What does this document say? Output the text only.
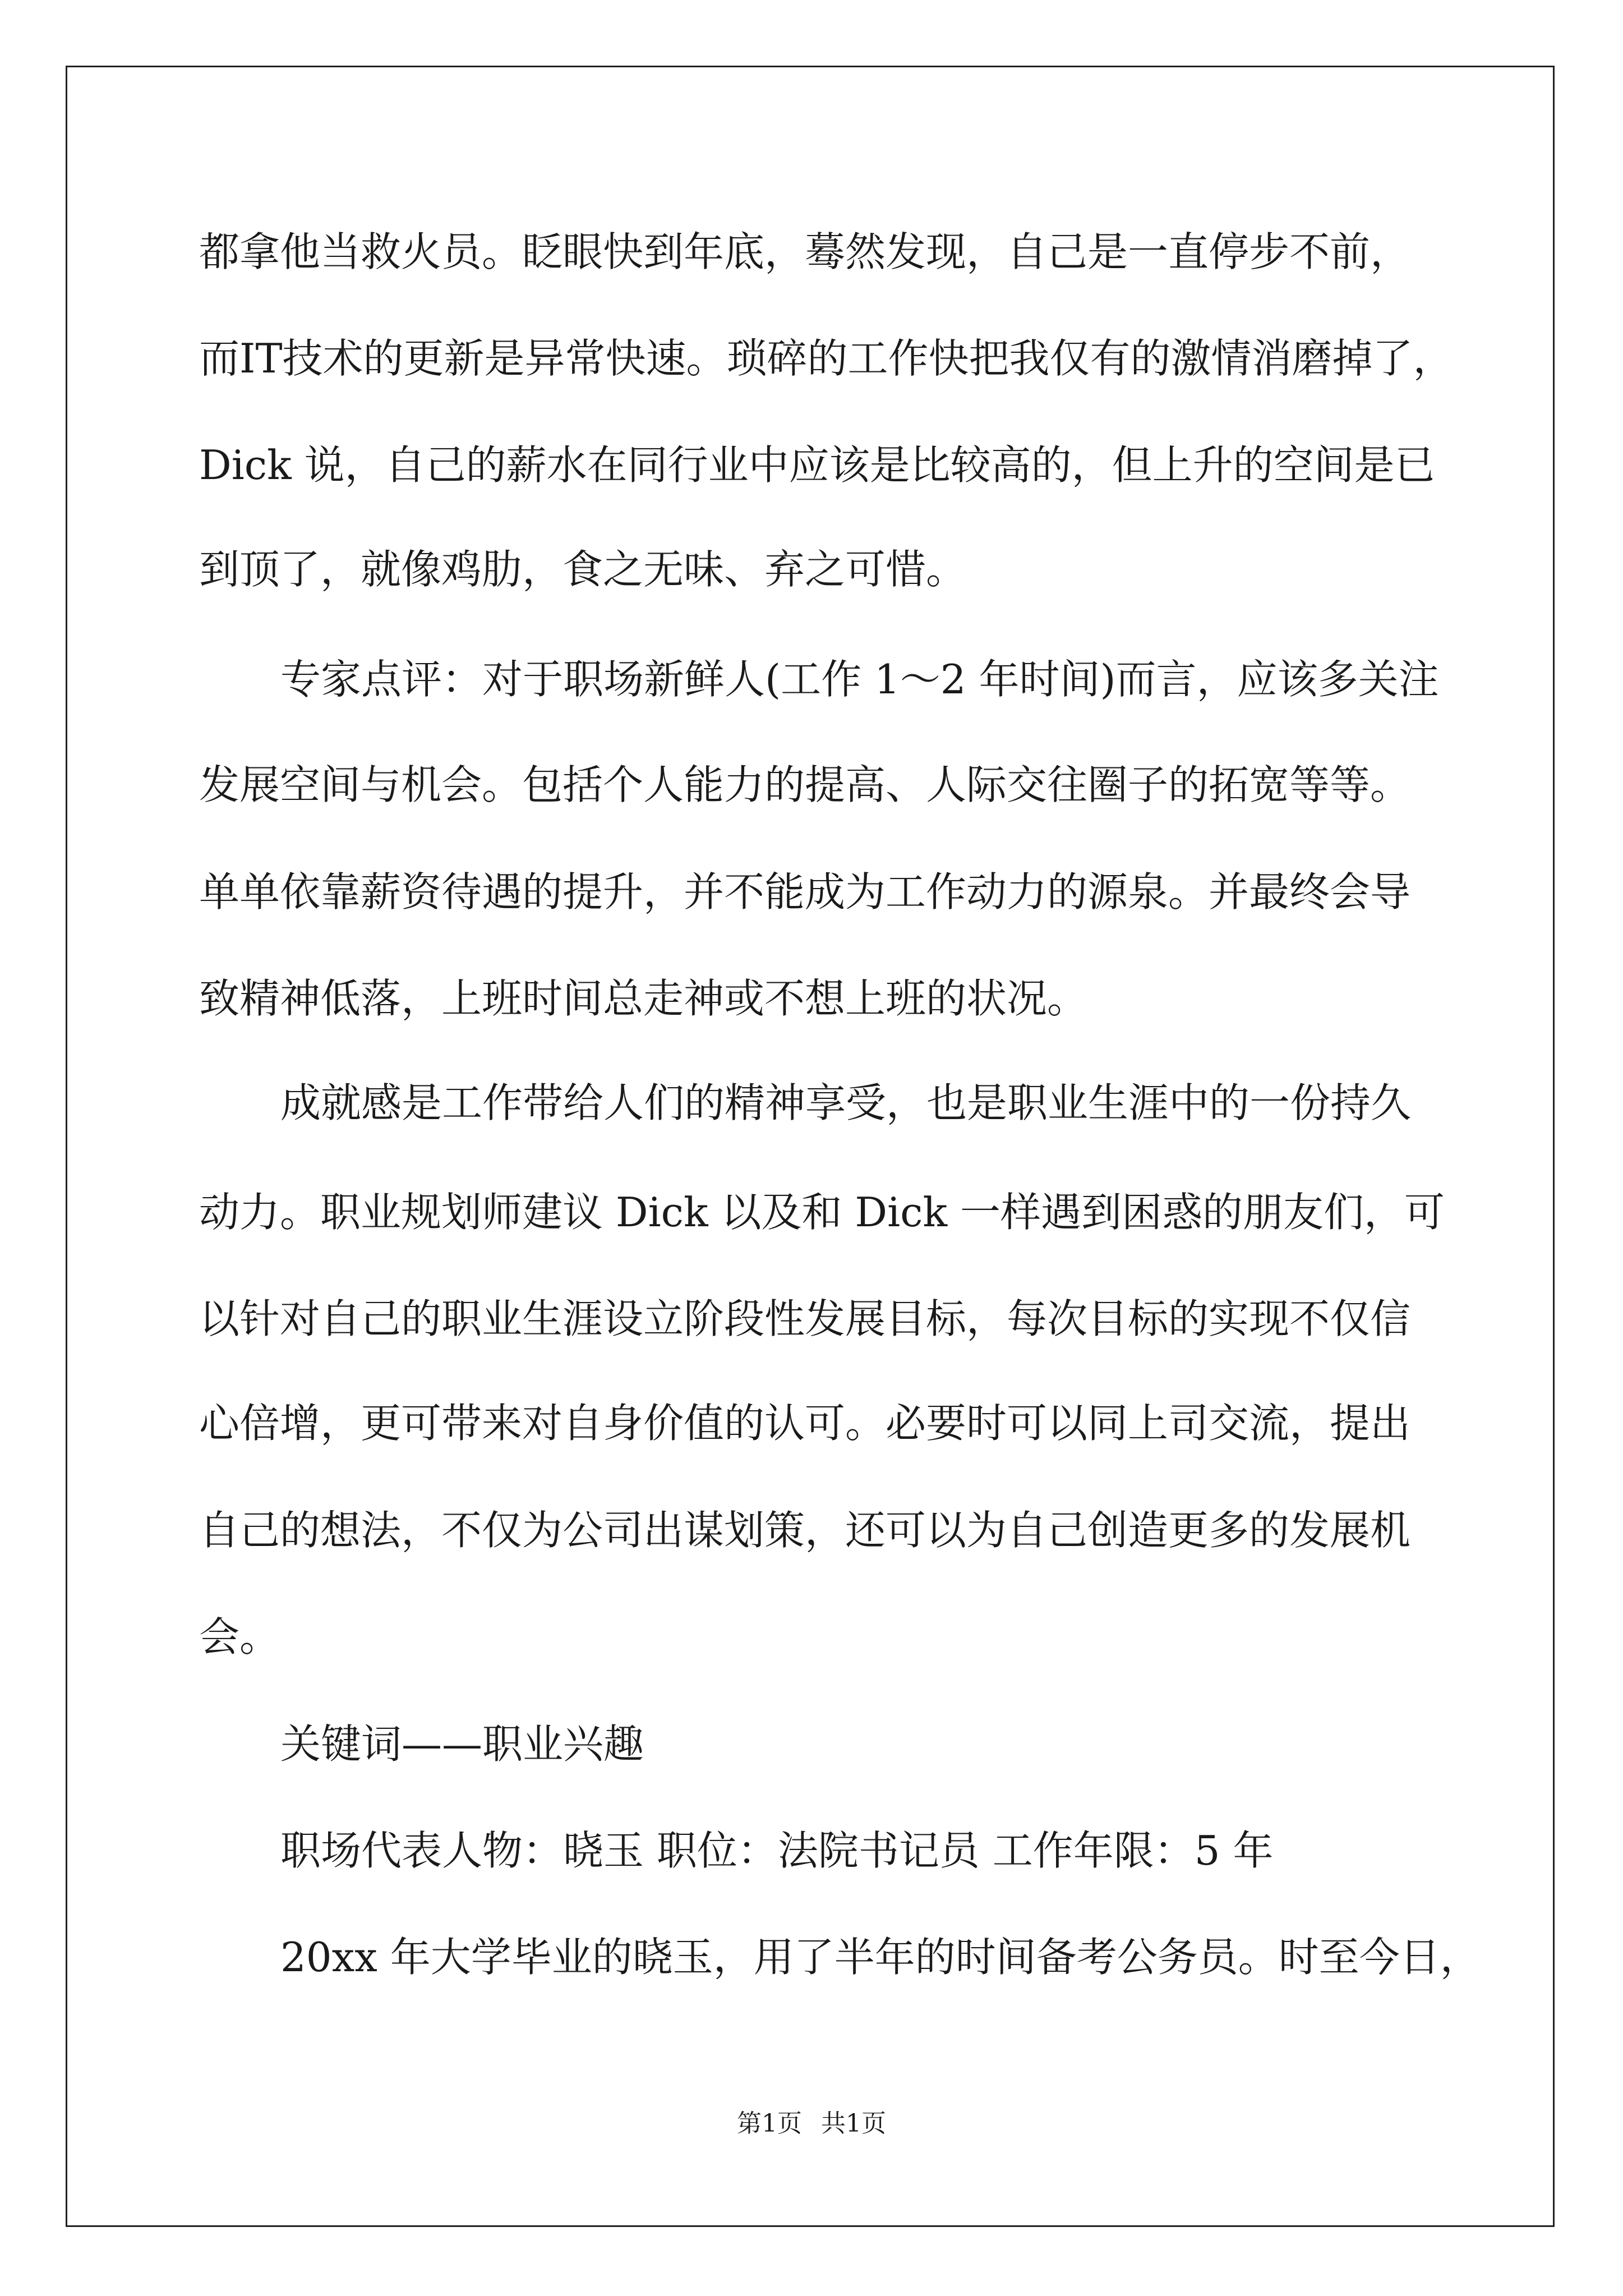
都拿他当救火员。眨眼快到年底，蓦然发现，自己是一直停步不前，
而IT技术的更新是异常快速。琐碎的工作快把我仅有的激情消磨掉了，
Dick 说，自己的薪水在同行业中应该是比较高的，但上升的空间是已
到顶了，就像鸡肋，食之无味、弃之可惜。
专家点评：对于职场新鲜人(工作 1～2 年时间)而言，应该多关注
发展空间与机会。包括个人能力的提高、人际交往圈子的拓宽等等。
单单依靠薪资待遇的提升，并不能成为工作动力的源泉。并最终会导
致精神低落，上班时间总走神或不想上班的状况。
成就感是工作带给人们的精神享受，也是职业生涯中的一份持久
动力。职业规划师建议 Dick 以及和 Dick 一样遇到困惑的朋友们，可
以针对自己的职业生涯设立阶段性发展目标，每次目标的实现不仅信
心倍增，更可带来对自身价值的认可。必要时可以同上司交流，提出
自己的想法，不仅为公司出谋划策，还可以为自己创造更多的发展机
会。
关键词——职业兴趣
职场代表人物：晓玉 职位：法院书记员 工作年限：5 年
20xx 年大学毕业的晓玉，用了半年的时间备考公务员。时至今日，
第1页 共1页
